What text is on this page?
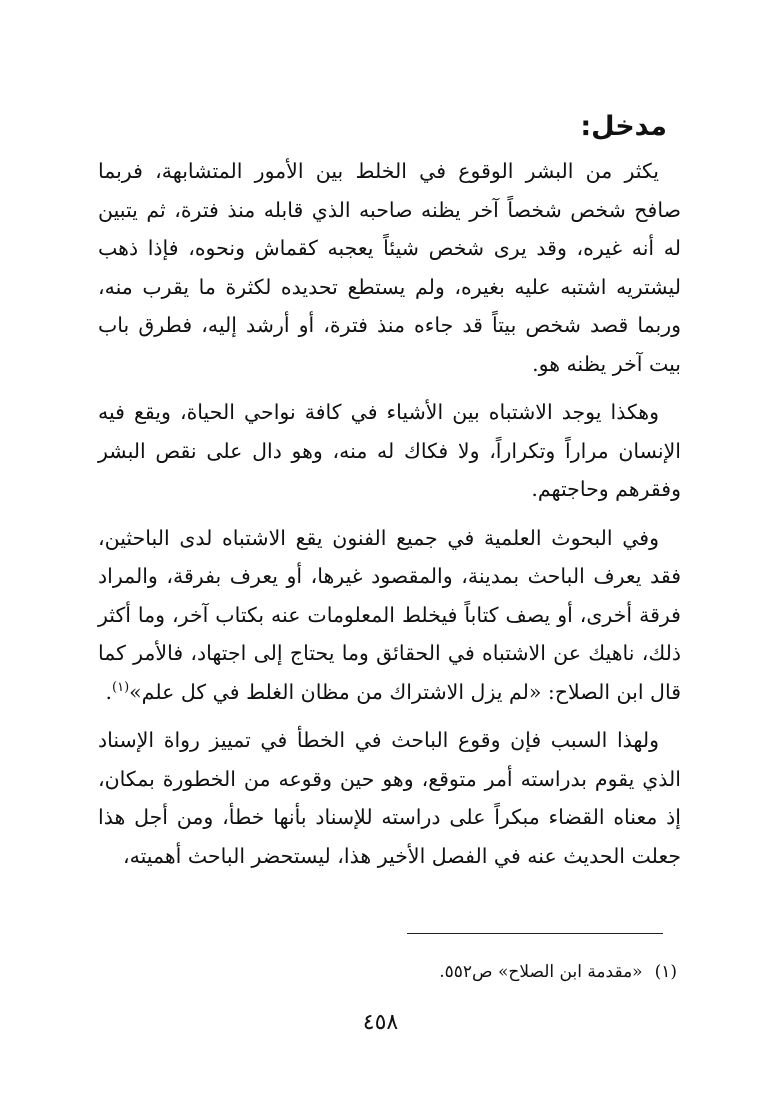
مدخل:

يكثر من البشر الوقوع في الخلط بين الأمور المتشابهة، فربما صافح شخص شخصاً آخر يظنه صاحبه الذي قابله منذ فترة، ثم يتبين له أنه غيره، وقد يرى شخص شيئاً يعجبه كقماش ونحوه، فإذا ذهب ليشتريه اشتبه عليه بغيره، ولم يستطع تحديده لكثرة ما يقرب منه، وربما قصد شخص بيتاً قد جاءه منذ فترة، أو أرشد إليه، فطرق باب بيت آخر يظنه هو.

وهكذا يوجد الاشتباه بين الأشياء في كافة نواحي الحياة، ويقع فيه الإنسان مراراً وتكراراً، ولا فكاك له منه، وهو دال على نقص البشر وفقرهم وحاجتهم.

وفي البحوث العلمية في جميع الفنون يقع الاشتباه لدى الباحثين، فقد يعرف الباحث بمدينة، والمقصود غيرها، أو يعرف بفرقة، والمراد فرقة أخرى، أو يصف كتاباً فيخلط المعلومات عنه بكتاب آخر، وما أكثر ذلك، ناهيك عن الاشتباه في الحقائق وما يحتاج إلى اجتهاد، فالأمر كما قال ابن الصلاح: «لم يزل الاشتراك من مظان الغلط في كل علم»$^{(١)}$.

ولهذا السبب فإن وقوع الباحث في الخطأ في تمييز رواة الإسناد الذي يقوم بدراسته أمر متوقع، وهو حين وقوعه من الخطورة بمكان، إذ معناه القضاء مبكراً على دراسته للإسناد بأنها خطأ، ومن أجل هذا جعلت الحديث عنه في الفصل الأخير هذا، ليستحضر الباحث أهميته،

(١)«مقدمة ابن الصلاح» ص٥٥٢.
٤٥٨
